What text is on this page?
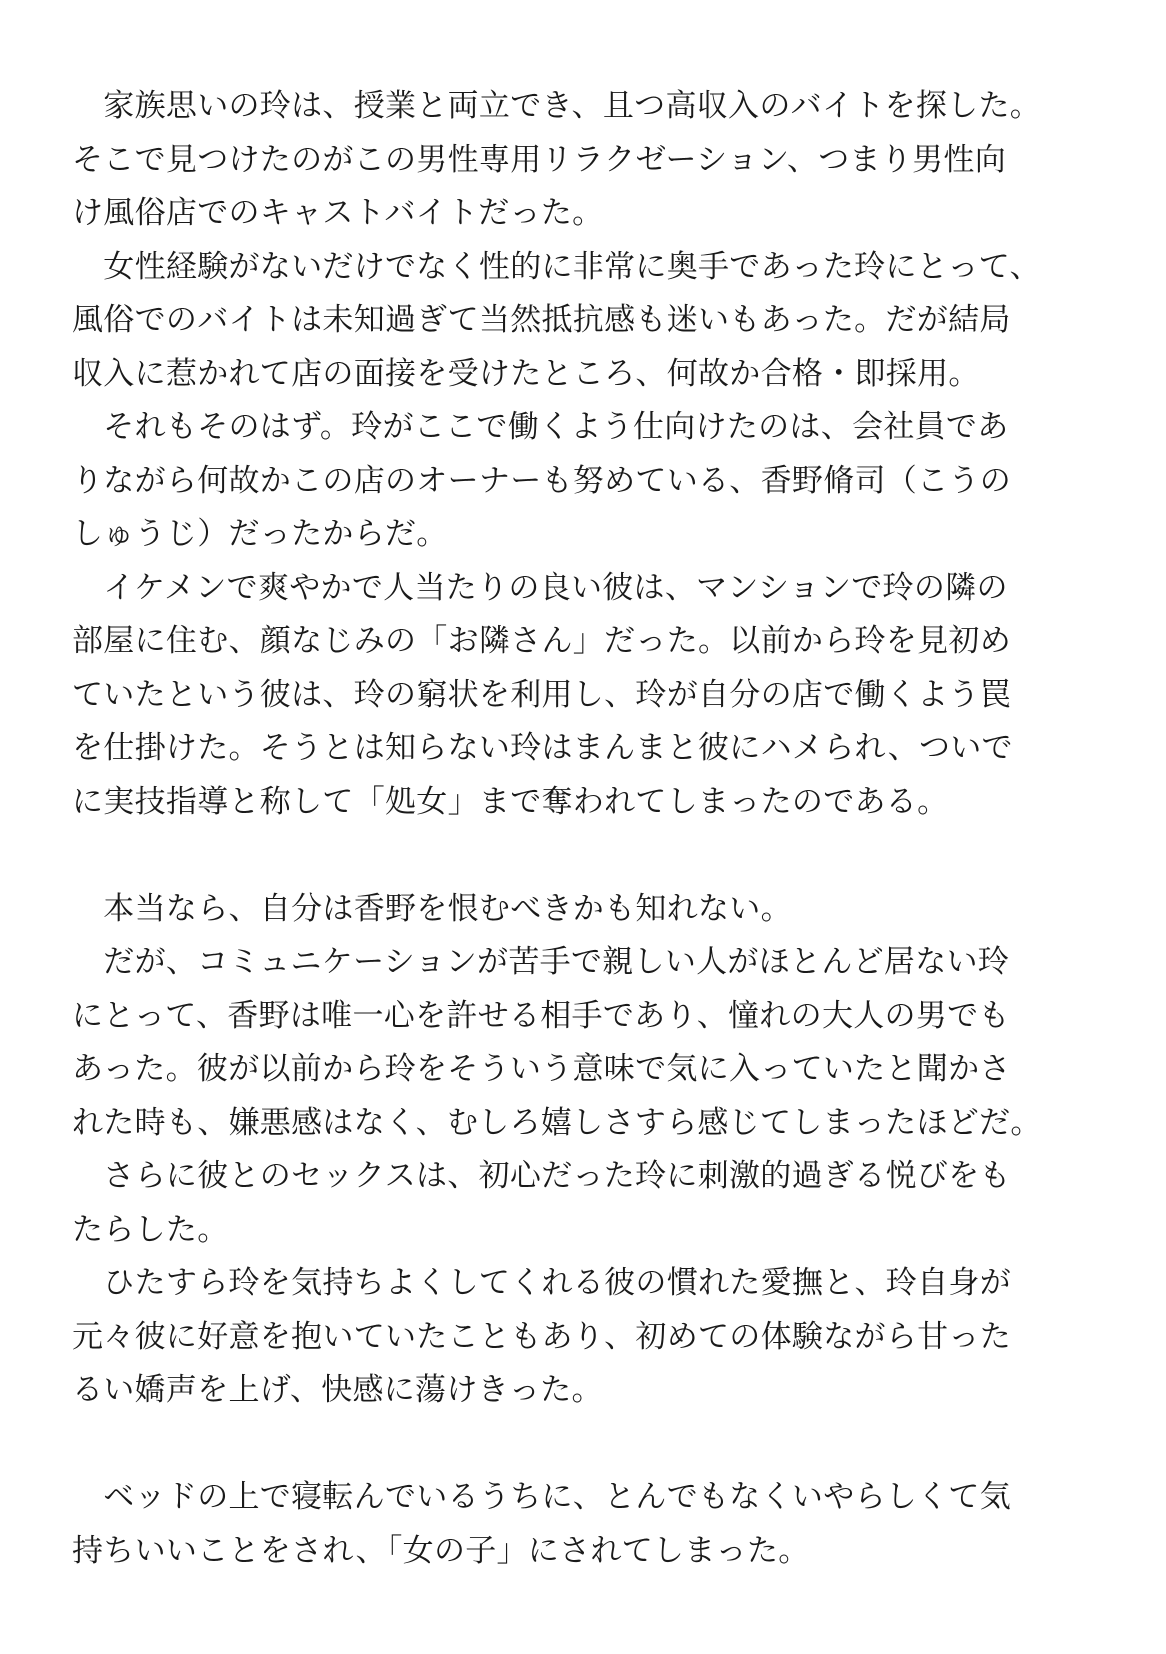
　家族思いの玲は、授業と両立でき、且つ高収入のバイトを探した。
そこで見つけたのがこの男性専用リラクゼーション、つまり男性向
け風俗店でのキャストバイトだった。
　女性経験がないだけでなく性的に非常に奥手であった玲にとって、
風俗でのバイトは未知過ぎて当然抵抗感も迷いもあった。だが結局
収入に惹かれて店の面接を受けたところ、何故か合格・即採用。
　それもそのはず。玲がここで働くよう仕向けたのは、会社員であ
りながら何故かこの店のオーナーも努めている、香野脩司（こうの
しゅうじ）だったからだ。
　イケメンで爽やかで人当たりの良い彼は、マンションで玲の隣の
部屋に住む、顔なじみの「お隣さん」だった。以前から玲を見初め
ていたという彼は、玲の窮状を利用し、玲が自分の店で働くよう罠
を仕掛けた。そうとは知らない玲はまんまと彼にハメられ、ついで
に実技指導と称して「処女」まで奪われてしまったのである。
　本当なら、自分は香野を恨むべきかも知れない。
　だが、コミュニケーションが苦手で親しい人がほとんど居ない玲
にとって、香野は唯一心を許せる相手であり、憧れの大人の男でも
あった。彼が以前から玲をそういう意味で気に入っていたと聞かさ
れた時も、嫌悪感はなく、むしろ嬉しさすら感じてしまったほどだ。
　さらに彼とのセックスは、初心だった玲に刺激的過ぎる悦びをも
たらした。
　ひたすら玲を気持ちよくしてくれる彼の慣れた愛撫と、玲自身が
元々彼に好意を抱いていたこともあり、初めての体験ながら甘った
るい嬌声を上げ、快感に蕩けきった。
　ベッドの上で寝転んでいるうちに、とんでもなくいやらしくて気
持ちいいことをされ、「女の子」にされてしまった。
